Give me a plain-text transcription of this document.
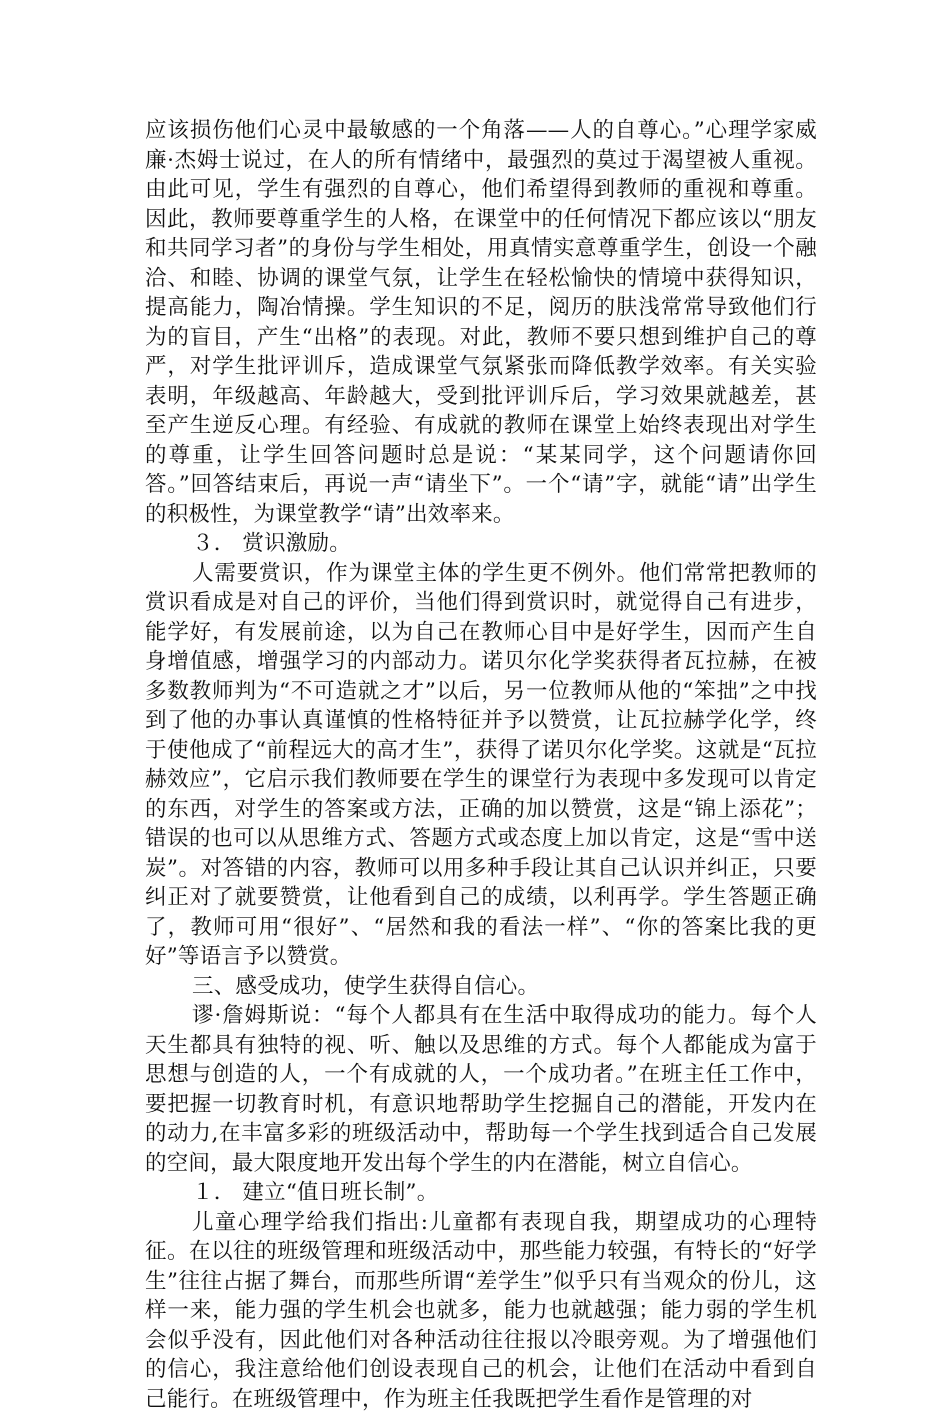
应该损伤他们心灵中最敏感的一个角落——人的自尊心。”心理学家威廉·杰姆士说过，在人的所有情绪中，最强烈的莫过于渴望被人重视。由此可见，学生有强烈的自尊心，他们希望得到教师的重视和尊重。因此，教师要尊重学生的人格，在课堂中的任何情况下都应该以“朋友和共同学习者”的身份与学生相处，用真情实意尊重学生，创设一个融洽、和睦、协调的课堂气氛，让学生在轻松愉快的情境中获得知识，提高能力，陶冶情操。学生知识的不足，阅历的肤浅常常导致他们行为的盲目，产生“出格”的表现。对此，教师不要只想到维护自己的尊严，对学生批评训斥，造成课堂气氛紧张而降低教学效率。有关实验表明，年级越高、年龄越大，受到批评训斥后，学习效果就越差，甚至产生逆反心理。有经验、有成就的教师在课堂上始终表现出对学生的尊重，让学生回答问题时总是说：“某某同学，这个问题请你回答。”回答结束后，再说一声“请坐下”。一个“请”字，就能“请”出学生的积极性，为课堂教学“请”出效率来。

３． 赏识激励。

人需要赏识，作为课堂主体的学生更不例外。他们常常把教师的赏识看成是对自己的评价，当他们得到赏识时，就觉得自己有进步，能学好，有发展前途，以为自己在教师心目中是好学生，因而产生自身增值感，增强学习的内部动力。诺贝尔化学奖获得者瓦拉赫，在被多数教师判为“不可造就之才”以后，另一位教师从他的“笨拙”之中找到了他的办事认真谨慎的性格特征并予以赞赏，让瓦拉赫学化学，终于使他成了“前程远大的高才生”，获得了诺贝尔化学奖。这就是“瓦拉赫效应”，它启示我们教师要在学生的课堂行为表现中多发现可以肯定的东西，对学生的答案或方法，正确的加以赞赏，这是“锦上添花”；错误的也可以从思维方式、答题方式或态度上加以肯定，这是“雪中送炭”。对答错的内容，教师可以用多种手段让其自己认识并纠正，只要纠正对了就要赞赏，让他看到自己的成绩，以利再学。学生答题正确了，教师可用“很好”、“居然和我的看法一样”、“你的答案比我的更好”等语言予以赞赏。

三、感受成功，使学生获得自信心。

谬·詹姆斯说：“每个人都具有在生活中取得成功的能力。每个人天生都具有独特的视、听、触以及思维的方式。每个人都能成为富于思想与创造的人，一个有成就的人，一个成功者。”在班主任工作中，要把握一切教育时机，有意识地帮助学生挖掘自己的潜能，开发内在的动力,在丰富多彩的班级活动中，帮助每一个学生找到适合自己发展的空间，最大限度地开发出每个学生的内在潜能，树立自信心。

１． 建立“值日班长制”。

儿童心理学给我们指出:儿童都有表现自我，期望成功的心理特征。在以往的班级管理和班级活动中，那些能力较强，有特长的“好学生”往往占据了舞台，而那些所谓“差学生”似乎只有当观众的份儿，这样一来，能力强的学生机会也就多，能力也就越强；能力弱的学生机会似乎没有，因此他们对各种活动往往报以冷眼旁观。为了增强他们的信心，我注意给他们创设表现自己的机会，让他们在活动中看到自己能行。在班级管理中，作为班主任我既把学生看作是管理的对
